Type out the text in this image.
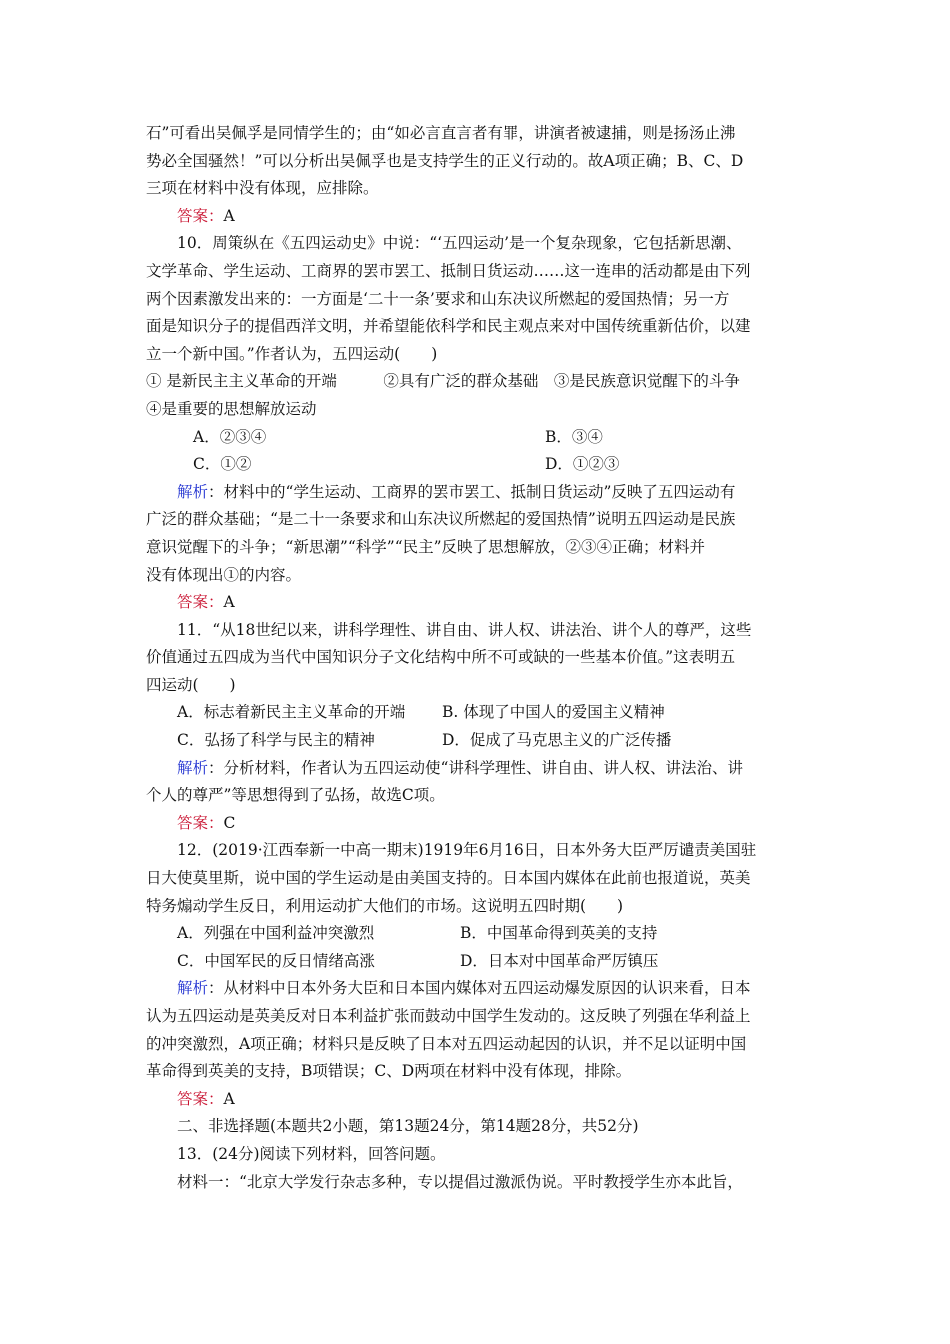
石”可看出吴佩孚是同情学生的；由“如必言直言者有罪，讲演者被逮捕，则是扬汤止沸

势必全国骚然！”可以分析出吴佩孚也是支持学生的正义行动的。故A项正确；B、C、D

三项在材料中没有体现，应排除。

答案：A

10．周策纵在《五四运动史》中说：“‘五四运动’是一个复杂现象，它包括新思潮、

文学革命、学生运动、工商界的罢市罢工、抵制日货运动……这一连串的活动都是由下列

两个因素激发出来的：一方面是‘二十一条’要求和山东决议所燃起的爱国热情；另一方

面是知识分子的提倡西洋文明，并希望能依科学和民主观点来对中国传统重新估价，以建

立一个新中国。”作者认为，五四运动(　　)

① 是新民主主义革命的开端　　　②具有广泛的群众基础　③是民族意识觉醒下的斗争

④是重要的思想解放运动

A．②③④	B．③④
C．①②	D．①②③

解析：材料中的“学生运动、工商界的罢市罢工、抵制日货运动”反映了五四运动有

广泛的群众基础；“是二十一条要求和山东决议所燃起的爱国热情”说明五四运动是民族

意识觉醒下的斗争；“新思潮”“科学”“民主”反映了思想解放，②③④正确；材料并

没有体现出①的内容。

答案：A

11．“从18世纪以来，讲科学理性、讲自由、讲人权、讲法治、讲个人的尊严，这些

价值通过五四成为当代中国知识分子文化结构中所不可或缺的一些基本价值。”这表明五

四运动(　　)

A．标志着新民主主义革命的开端 B. 体现了中国人的爱国主义精神
C．弘扬了科学与民主的精神	D．促成了马克思主义的广泛传播

解析：分析材料，作者认为五四运动使“讲科学理性、讲自由、讲人权、讲法治、讲

个人的尊严”等思想得到了弘扬，故选C项。

答案：C

12．(2019·江西奉新一中高一期末)1919年6月16日，日本外务大臣严厉谴责美国驻

日大使莫里斯，说中国的学生运动是由美国支持的。日本国内媒体在此前也报道说，英美

特务煽动学生反日，利用运动扩大他们的市场。这说明五四时期(　　)

A．列强在中国利益冲突激烈	B．中国革命得到英美的支持
C．中国军民的反日情绪高涨	D．日本对中国革命严厉镇压

解析：从材料中日本外务大臣和日本国内媒体对五四运动爆发原因的认识来看，日本

认为五四运动是英美反对日本利益扩张而鼓动中国学生发动的。这反映了列强在华利益上

的冲突激烈，A项正确；材料只是反映了日本对五四运动起因的认识，并不足以证明中国

革命得到英美的支持，B项错误；C、D两项在材料中没有体现，排除。

答案：A

二、非选择题(本题共2小题，第13题24分，第14题28分，共52分)

13．(24分)阅读下列材料，回答问题。

材料一：“北京大学发行杂志多种，专以提倡过激派伪说。平时教授学生亦本此旨，
